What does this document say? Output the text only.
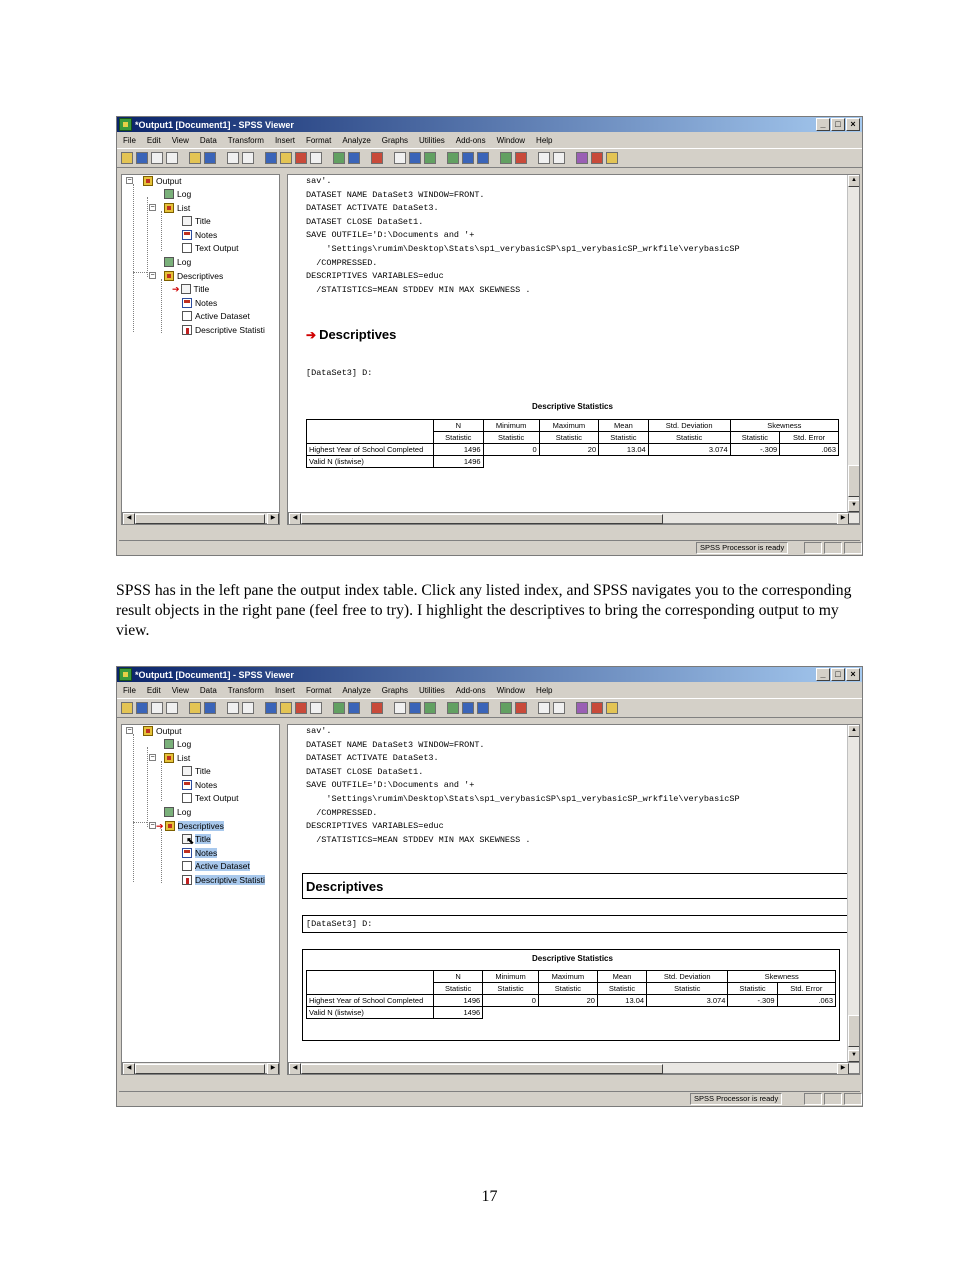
*Output1 [Document1] - SPSS Viewer	_	□	×
File Edit View Data Transform Insert Format Analyze Graphs Utilities Add-ons Window Help
−	Output
Log
−	List
Title
Notes
Text Output
Log
−	Descriptives
➔ Title
Notes
Active Dataset
Descriptive Statisti
◀	▶
sav'.
DATASET NAME DataSet3 WINDOW=FRONT.
DATASET ACTIVATE DataSet3.
DATASET CLOSE DataSet1.
SAVE OUTFILE='D:\Documents and '+
'Settings\rumim\Desktop\Stats\sp1_verybasicSP\sp1_verybasicSP_wrkfile\verybasicSP
/COMPRESSED.
DESCRIPTIVES VARIABLES=educ
/STATISTICS=MEAN STDDEV MIN MAX SKEWNESS .
➔ Descriptives
[DataSet3] D:
Descriptive Statistics
	N	Minimum	Maximum	Mean	Std. Deviation	Skewness	
	Statistic	Statistic	Statistic	Statistic	Statistic	Statistic	Std. Error
Highest Year of School Completed	1496	0	20	13.04	3.074	-.309	.063
Valid N (listwise)	1496						
▲
▼
◀	▶
SPSS Processor is ready
SPSS has in the left pane the output index table. Click any listed index, and SPSS navigates you to the corresponding result objects in the right pane (feel free to try). I highlight the descriptives to bring the corresponding output to my view.
*Output1 [Document1] - SPSS Viewer	_	□	×
File Edit View Data Transform Insert Format Analyze Graphs Utilities Add-ons Window Help
−	Output
Log
−	List
Title
Notes
Text Output
Log
− ➔ Descriptives
Title
Notes
Active Dataset
Descriptive Statisti
⬉
◀	▶
sav'.
DATASET NAME DataSet3 WINDOW=FRONT.
DATASET ACTIVATE DataSet3.
DATASET CLOSE DataSet1.
SAVE OUTFILE='D:\Documents and '+
'Settings\rumim\Desktop\Stats\sp1_verybasicSP\sp1_verybasicSP_wrkfile\verybasicSP
/COMPRESSED.
DESCRIPTIVES VARIABLES=educ
/STATISTICS=MEAN STDDEV MIN MAX SKEWNESS .
Descriptives
[DataSet3] D:
Descriptive Statistics
	N	Minimum	Maximum	Mean	Std. Deviation	Skewness	
	Statistic	Statistic	Statistic	Statistic	Statistic	Statistic	Std. Error
Highest Year of School Completed	1496	0	20	13.04	3.074	-.309	.063
Valid N (listwise)	1496						
▲
▼
◀	▶
SPSS Processor is ready
17
